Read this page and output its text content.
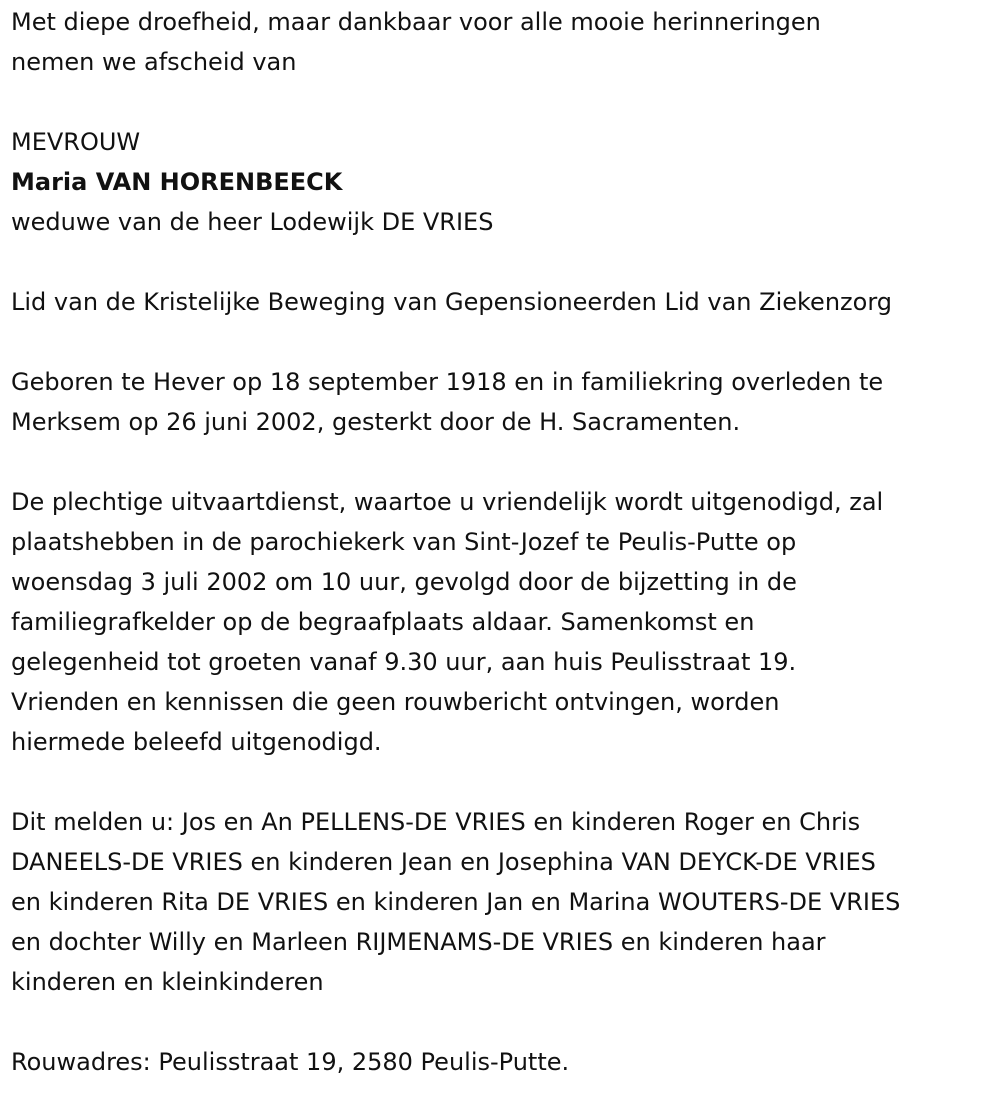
Met diepe droefheid, maar dankbaar voor alle mooie herinneringen

nemen we afscheid van

MEVROUW

Maria VAN HORENBEECK

weduwe van de heer Lodewijk DE VRIES

Lid van de Kristelijke Beweging van Gepensioneerden Lid van Ziekenzorg

Geboren te Hever op 18 september 1918 en in familiekring overleden te

Merksem op 26 juni 2002, gesterkt door de H. Sacramenten.

De plechtige uitvaartdienst, waartoe u vriendelijk wordt uitgenodigd, zal

plaatshebben in de parochiekerk van Sint-Jozef te Peulis-Putte op

woensdag 3 juli 2002 om 10 uur, gevolgd door de bijzetting in de

familiegrafkelder op de begraafplaats aldaar. Samenkomst en

gelegenheid tot groeten vanaf 9.30 uur, aan huis Peulisstraat 19.

Vrienden en kennissen die geen rouwbericht ontvingen, worden

hiermede beleefd uitgenodigd.

Dit melden u: Jos en An PELLENS-DE VRIES en kinderen Roger en Chris

DANEELS-DE VRIES en kinderen Jean en Josephina VAN DEYCK-DE VRIES

en kinderen Rita DE VRIES en kinderen Jan en Marina WOUTERS-DE VRIES

en dochter Willy en Marleen RIJMENAMS-DE VRIES en kinderen haar

kinderen en kleinkinderen

Rouwadres: Peulisstraat 19, 2580 Peulis-Putte.
